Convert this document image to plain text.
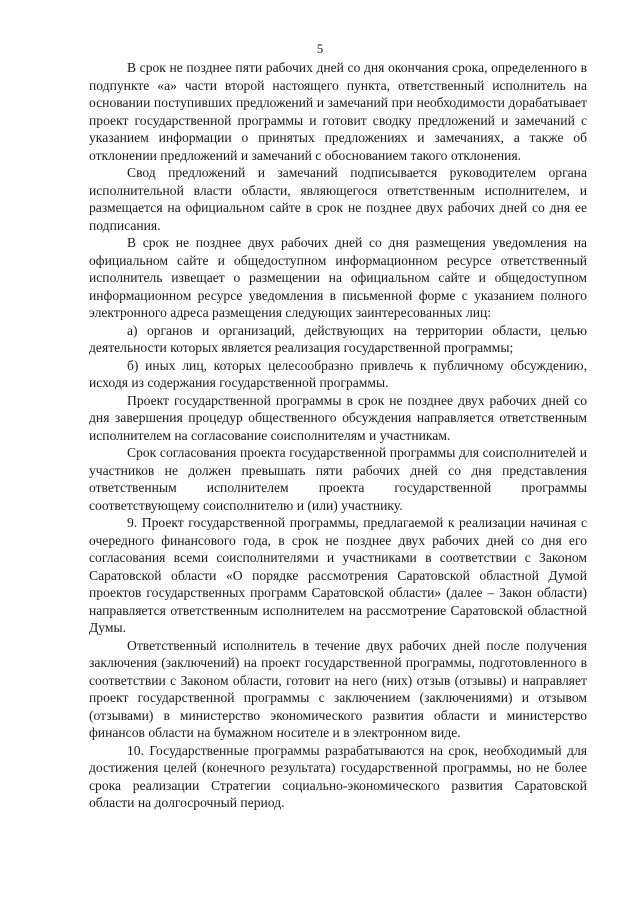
5

В срок не позднее пяти рабочих дней со дня окончания срока, определенного в подпункте «а» части второй настоящего пункта, ответственный исполнитель на основании поступивших предложений и замечаний при необходимости дорабатывает проект государственной программы и готовит сводку предложений и замечаний с указанием информации о принятых предложениях и замечаниях, а также об отклонении предложений и замечаний с обоснованием такого отклонения.

Свод предложений и замечаний подписывается руководителем органа исполнительной власти области, являющегося ответственным исполнителем, и размещается на официальном сайте в срок не позднее двух рабочих дней со дня ее подписания.

В срок не позднее двух рабочих дней со дня размещения уведомления на официальном сайте и общедоступном информационном ресурсе ответственный исполнитель извещает о размещении на официальном сайте и общедоступном информационном ресурсе уведомления в письменной форме с указанием полного электронного адреса размещения следующих заинтересованных лиц:

а) органов и организаций, действующих на территории области, целью деятельности которых является реализация государственной программы;

б) иных лиц, которых целесообразно привлечь к публичному обсуждению, исходя из содержания государственной программы.

Проект государственной программы в срок не позднее двух рабочих дней со дня завершения процедур общественного обсуждения направляется ответственным исполнителем на согласование соисполнителям и участникам.

Срок согласования проекта государственной программы для соисполнителей и участников не должен превышать пяти рабочих дней со дня представления ответственным исполнителем проекта государственной программы соответствующему соисполнителю и (или) участнику.

9. Проект государственной программы, предлагаемой к реализации начиная с очередного финансового года, в срок не позднее двух рабочих дней со дня его согласования всеми соисполнителями и участниками в соответствии с Законом Саратовской области «О порядке рассмотрения Саратовской областной Думой проектов государственных программ Саратовской области» (далее – Закон области) направляется ответственным исполнителем на рассмотрение Саратовской областной Думы.

Ответственный исполнитель в течение двух рабочих дней после получения заключения (заключений) на проект государственной программы, подготовленного в соответствии с Законом области, готовит на него (них) отзыв (отзывы) и направляет проект государственной программы с заключением (заключениями) и отзывом (отзывами) в министерство экономического развития области и министерство финансов области на бумажном носителе и в электронном виде.

10. Государственные программы разрабатываются на срок, необходимый для достижения целей (конечного результата) государственной программы, но не более срока реализации Стратегии социально-экономического развития Саратовской области на долгосрочный период.
